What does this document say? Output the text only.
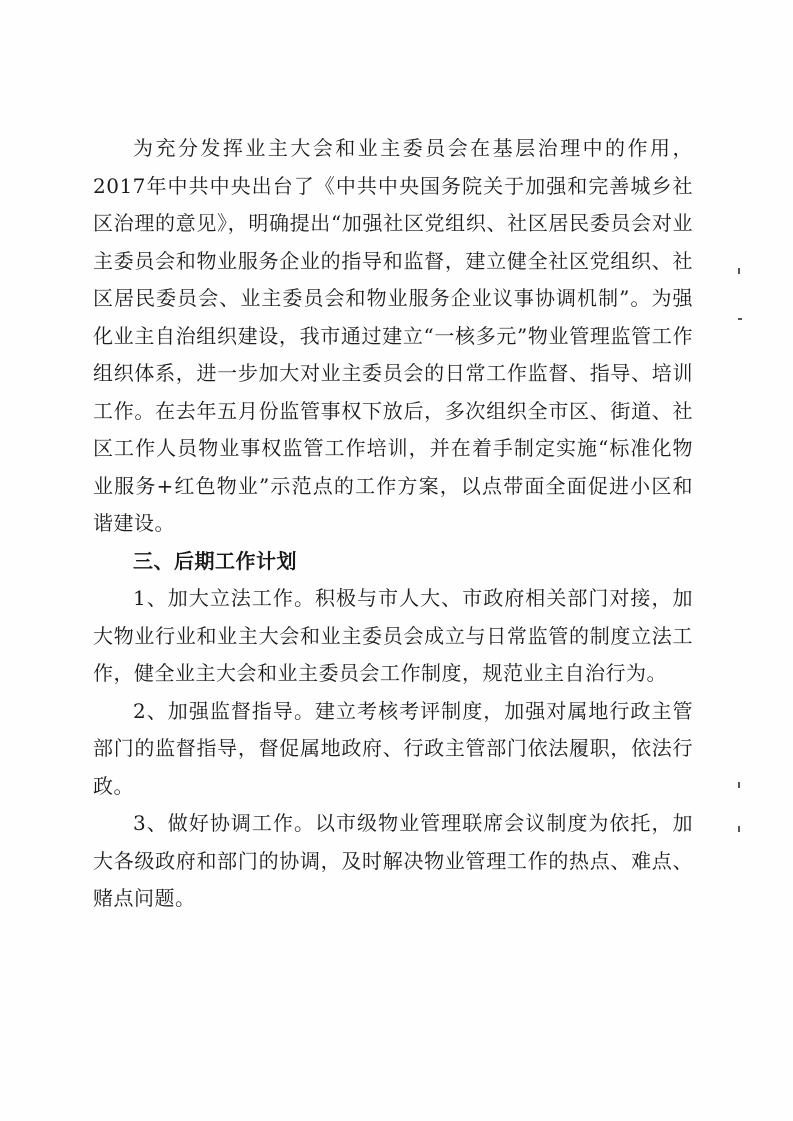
为充分发挥业主大会和业主委员会在基层治理中的作用，2017年中共中央出台了《中共中央国务院关于加强和完善城乡社区治理的意见》，明确提出“加强社区党组织、社区居民委员会对业主委员会和物业服务企业的指导和监督，建立健全社区党组织、社区居民委员会、业主委员会和物业服务企业议事协调机制”。为强化业主自治组织建设，我市通过建立“一核多元”物业管理监管工作组织体系，进一步加大对业主委员会的日常工作监督、指导、培训工作。在去年五月份监管事权下放后，多次组织全市区、街道、社区工作人员物业事权监管工作培训，并在着手制定实施“标准化物业服务+红色物业”示范点的工作方案，以点带面全面促进小区和谐建设。

三、后期工作计划

1、加大立法工作。积极与市人大、市政府相关部门对接，加大物业行业和业主大会和业主委员会成立与日常监管的制度立法工作，健全业主大会和业主委员会工作制度，规范业主自治行为。

2、加强监督指导。建立考核考评制度，加强对属地行政主管部门的监督指导，督促属地政府、行政主管部门依法履职，依法行政。

3、做好协调工作。以市级物业管理联席会议制度为依托，加大各级政府和部门的协调，及时解决物业管理工作的热点、难点、赌点问题。
